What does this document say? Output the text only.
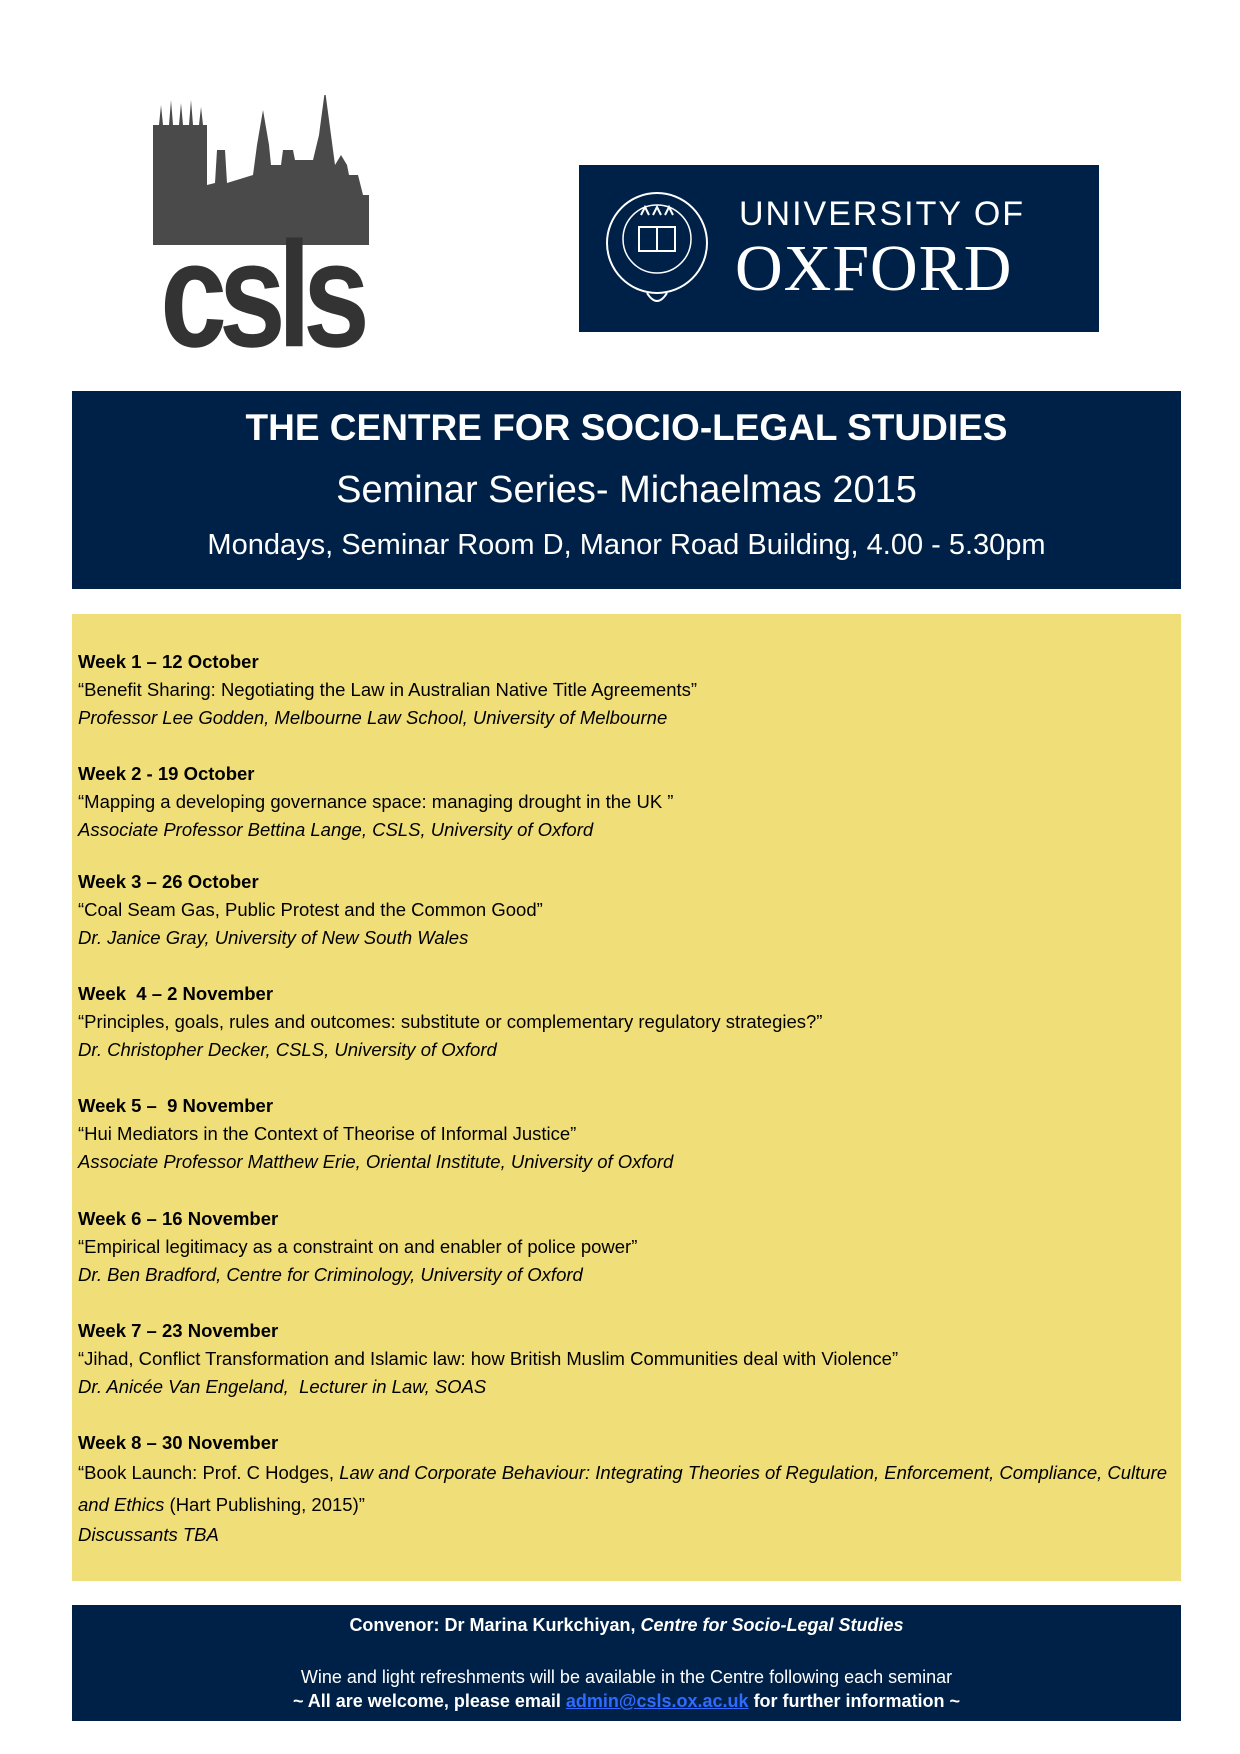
csls	UNIVERSITY OF
OXFORD
THE CENTRE FOR SOCIO-LEGAL STUDIES
Seminar Series- Michaelmas 2015
Mondays, Seminar Room D, Manor Road Building, 4.00 - 5.30pm
Week 1 – 12 October
“Benefit Sharing: Negotiating the Law in Australian Native Title Agreements”
Professor Lee Godden, Melbourne Law School, University of Melbourne
Week 2 - 19 October
“Mapping a developing governance space: managing drought in the UK ”
Associate Professor Bettina Lange, CSLS, University of Oxford
Week 3 – 26 October
“Coal Seam Gas, Public Protest and the Common Good”
Dr. Janice Gray, University of New South Wales
Week  4 – 2 November
“Principles, goals, rules and outcomes: substitute or complementary regulatory strategies?”
Dr. Christopher Decker, CSLS, University of Oxford
Week 5 –  9 November
“Hui Mediators in the Context of Theorise of Informal Justice”
Associate Professor Matthew Erie, Oriental Institute, University of Oxford
Week 6 – 16 November
“Empirical legitimacy as a constraint on and enabler of police power”
Dr. Ben Bradford, Centre for Criminology, University of Oxford
Week 7 – 23 November
“Jihad, Conflict Transformation and Islamic law: how British Muslim Communities deal with Violence”
Dr. Anicée Van Engeland,  Lecturer in Law, SOAS
Week 8 – 30 November
“Book Launch: Prof. C Hodges, Law and Corporate Behaviour: Integrating Theories of Regulation, Enforcement, Compliance, Culture and Ethics (Hart Publishing, 2015)”
Discussants TBA
Convenor: Dr Marina Kurkchiyan, Centre for Socio-Legal Studies
Wine and light refreshments will be available in the Centre following each seminar
~ All are welcome, please email admin@csls.ox.ac.uk for further information ~
